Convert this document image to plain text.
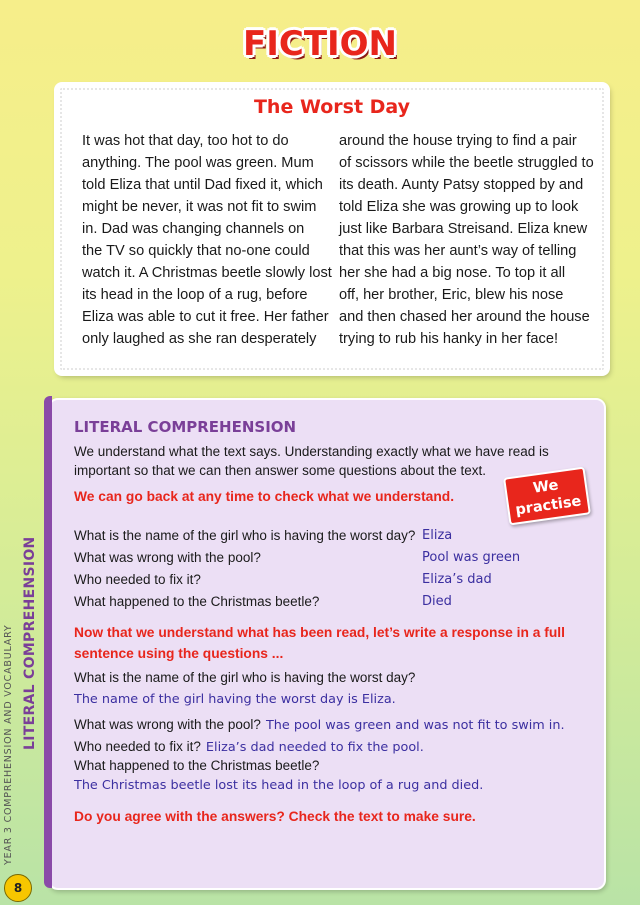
FICTION
The Worst Day
It was hot that day, too hot to do
anything. The pool was green. Mum
told Eliza that until Dad fixed it, which
might be never, it was not fit to swim
in. Dad was changing channels on
the TV so quickly that no-one could
watch it. A Christmas beetle slowly lost
its head in the loop of a rug, before
Eliza was able to cut it free. Her father
only laughed as she ran desperately
around the house trying to find a pair
of scissors while the beetle struggled to
its death. Aunty Patsy stopped by and
told Eliza she was growing up to look
just like Barbara Streisand. Eliza knew
that this was her aunt’s way of telling
her she had a big nose. To top it all
off, her brother, Eric, blew his nose
and then chased her around the house
trying to rub his hanky in her face!
LITERAL COMPREHENSION
YEAR 3 COMPREHENSION AND VOCABULARY
8
LITERAL COMPREHENSION
We understand what the text says. Understanding exactly what we have read is
important so that we can then answer some questions about the text.
We can go back at any time to check what we understand.
What is the name of the girl who is having the worst day? Eliza
What was wrong with the pool?	Pool was green
Who needed to fix it?	Eliza’s dad
What happened to the Christmas beetle?	Died
Now that we understand what has been read, let’s write a response in a full
sentence using the questions ...
What is the name of the girl who is having the worst day?
The name of the girl having the worst day is Eliza.
What was wrong with the pool? The pool was green and was not fit to swim in.
Who needed to fix it? Eliza’s dad needed to fix the pool.
What happened to the Christmas beetle?
The Christmas beetle lost its head in the loop of a rug and died.
Do you agree with the answers? Check the text to make sure.
We
practise
